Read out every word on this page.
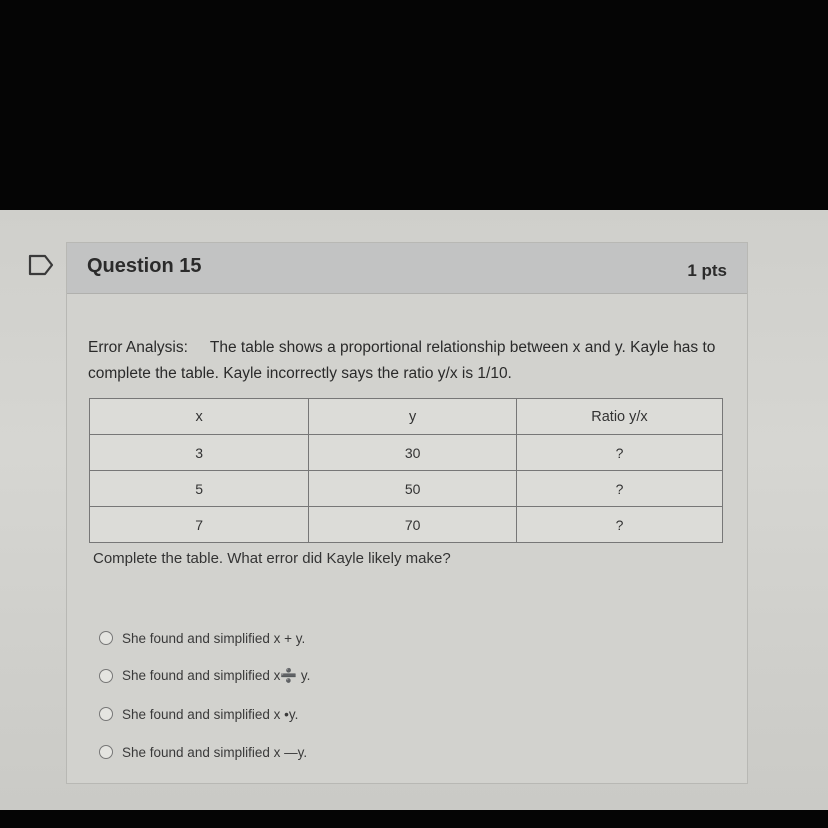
Question 15	1 pts
Error Analysis: The table shows a proportional relationship between x and y. Kayle has to complete the table. Kayle incorrectly says the ratio y/x is 1/10.
x	y	Ratio y/x
3	30	?
5	50	?
7	70	?
Complete the table. What error did Kayle likely make?
She found and simplified x + y.
She found and simplified x➗ y.
She found and simplified x •y.
She found and simplified x —y.
